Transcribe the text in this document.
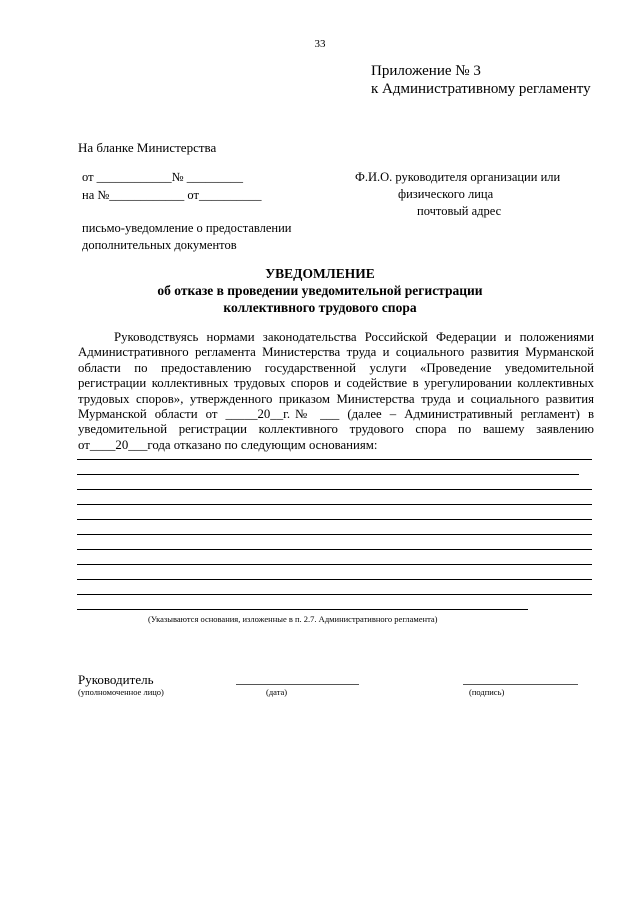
33
Приложение № 3
к Административному регламенту
На бланке Министерства
от ____________№ _________
на №____________ от__________
Ф.И.О. руководителя организации или
физического лица
почтовый адрес
письмо-уведомление о предоставлении
дополнительных документов
УВЕДОМЛЕНИЕ
об отказе в проведении уведомительной регистрации
коллективного трудового спора
Руководствуясь нормами законодательства Российской Федерации и положениями Административного регламента Министерства труда и социального развития Мурманской области по предоставлению государственной услуги «Проведение уведомительной регистрации коллективных трудовых споров и содействие в урегулировании коллективных трудовых споров», утвержденного приказом Министерства труда и социального развития Мурманской области от _____20__г.№ ___ (далее – Административный регламент) в уведомительной регистрации коллективного трудового спора по вашему заявлению от____20___года отказано по следующим основаниям:
(Указываются основания, изложенные в п. 2.7. Административного регламента)
Руководитель
(уполномоченное лицо)	(дата)	(подпись)
